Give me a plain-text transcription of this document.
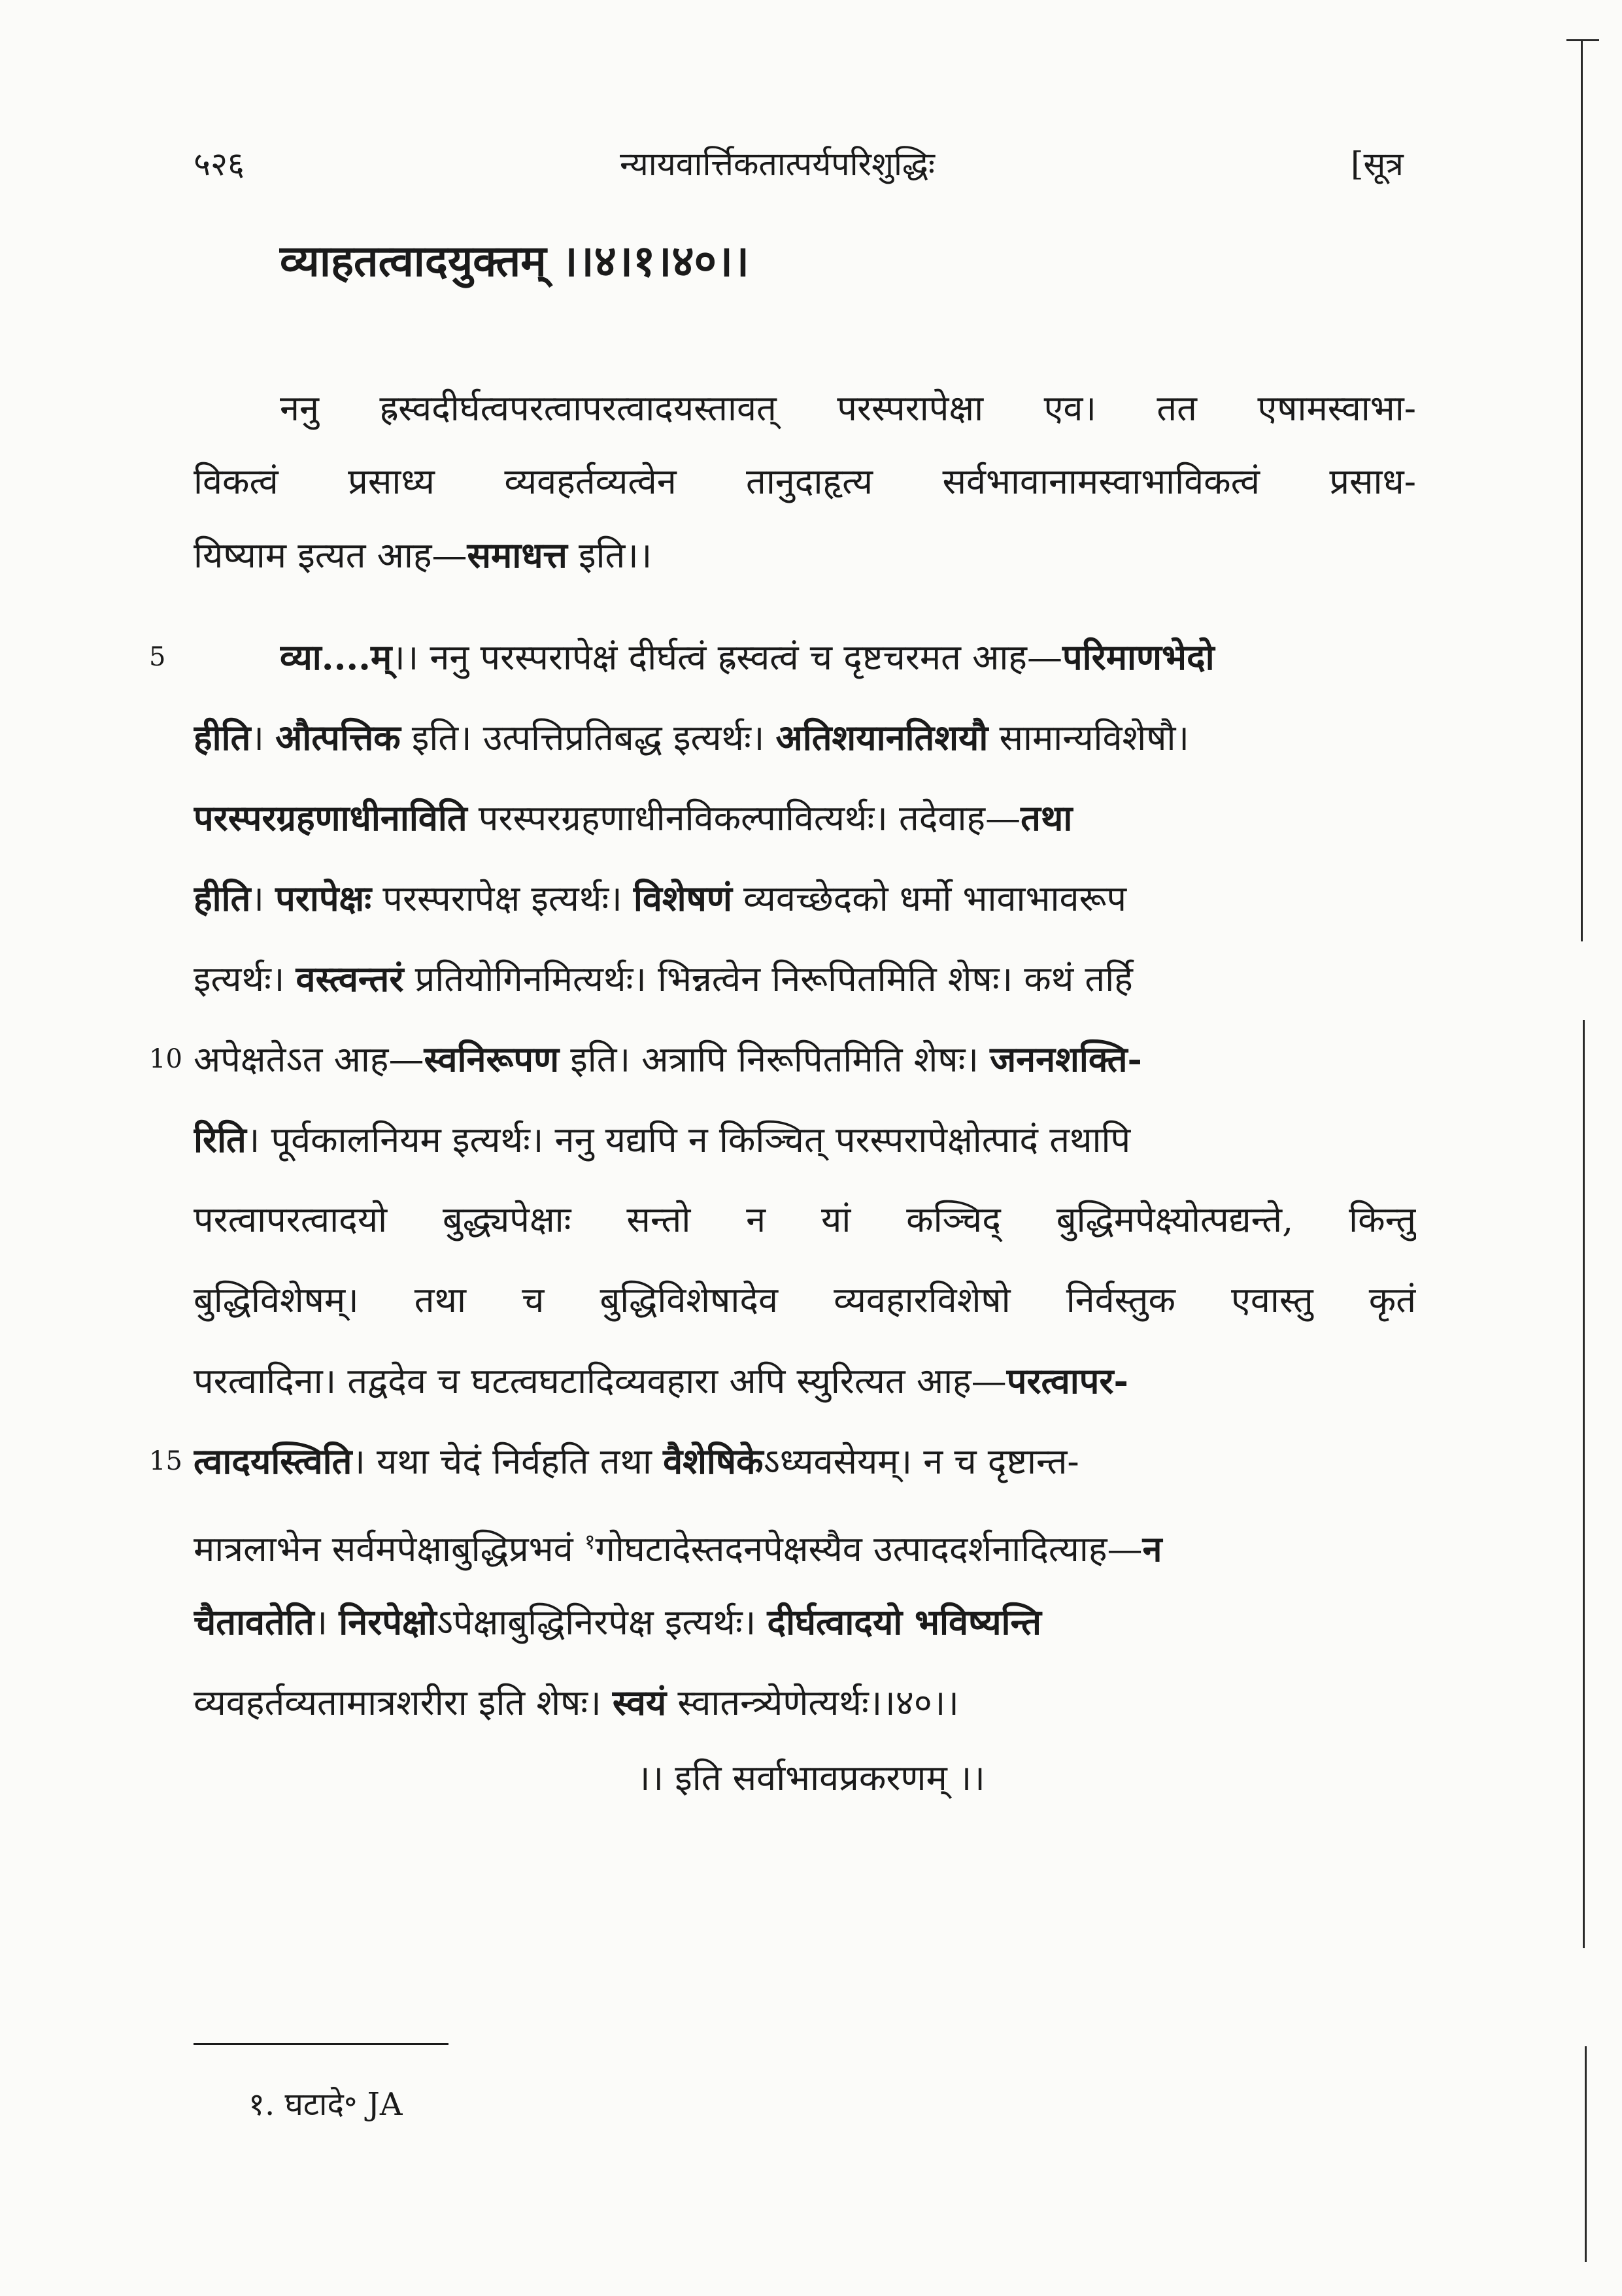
५२६	न्यायवार्त्तिकतात्पर्यपरिशुद्धिः	[सूत्र
व्याहतत्वादयुक्तम् ।।४।१।४०।।
ननु ह्रस्वदीर्घत्वपरत्वापरत्वादयस्तावत् परस्परापेक्षा एव। तत एषामस्वाभा-
विकत्वं प्रसाध्य व्यवहर्तव्यत्वेन तानुदाहृत्य सर्वभावानामस्वाभाविकत्वं प्रसाध-
यिष्याम इत्यत आह—समाधत्त इति।।
5
10
15
व्या....म्।। ननु परस्परापेक्षं दीर्घत्वं ह्रस्वत्वं च दृष्टचरमत आह—परिमाणभेदो
हीति। औत्पत्तिक इति। उत्पत्तिप्रतिबद्ध इत्यर्थः। अतिशयानतिशयौ सामान्यविशेषौ।
परस्परग्रहणाधीनाविति परस्परग्रहणाधीनविकल्पावित्यर्थः। तदेवाह—तथा
हीति। परापेक्षः परस्परापेक्ष इत्यर्थः। विशेषणं व्यवच्छेदको धर्मो भावाभावरूप
इत्यर्थः। वस्त्वन्तरं प्रतियोगिनमित्यर्थः। भिन्नत्वेन निरूपितमिति शेषः। कथं तर्हि
अपेक्षतेऽत आह—स्वनिरूपण इति। अत्रापि निरूपितमिति शेषः। जननशक्ति-
रिति। पूर्वकालनियम इत्यर्थः। ननु यद्यपि न किञ्चित् परस्परापेक्षोत्पादं तथापि
परत्वापरत्वादयो बुद्ध्यपेक्षाः सन्तो न यां कञ्चिद् बुद्धिमपेक्ष्योत्पद्यन्ते, किन्तु
बुद्धिविशेषम्। तथा च बुद्धिविशेषादेव व्यवहारविशेषो निर्वस्तुक एवास्तु कृतं
परत्वादिना। तद्वदेव च घटत्वघटादिव्यवहारा अपि स्युरित्यत आह—परत्वापर-
त्वादयस्त्विति। यथा चेदं निर्वहति तथा वैशेषिकेऽध्यवसेयम्। न च दृष्टान्त-
मात्रलाभेन सर्वमपेक्षाबुद्धिप्रभवं $^१$गोघटादेस्तदनपेक्षस्यैव उत्पाददर्शनादित्याह—न
चैतावतेति। निरपेक्षोऽपेक्षाबुद्धिनिरपेक्ष इत्यर्थः। दीर्घत्वादयो भविष्यन्ति
व्यवहर्तव्यतामात्रशरीरा इति शेषः। स्वयं स्वातन्त्र्येणेत्यर्थः।।४०।।
।। इति सर्वाभावप्रकरणम् ।।
१. घटादे॰ JA
